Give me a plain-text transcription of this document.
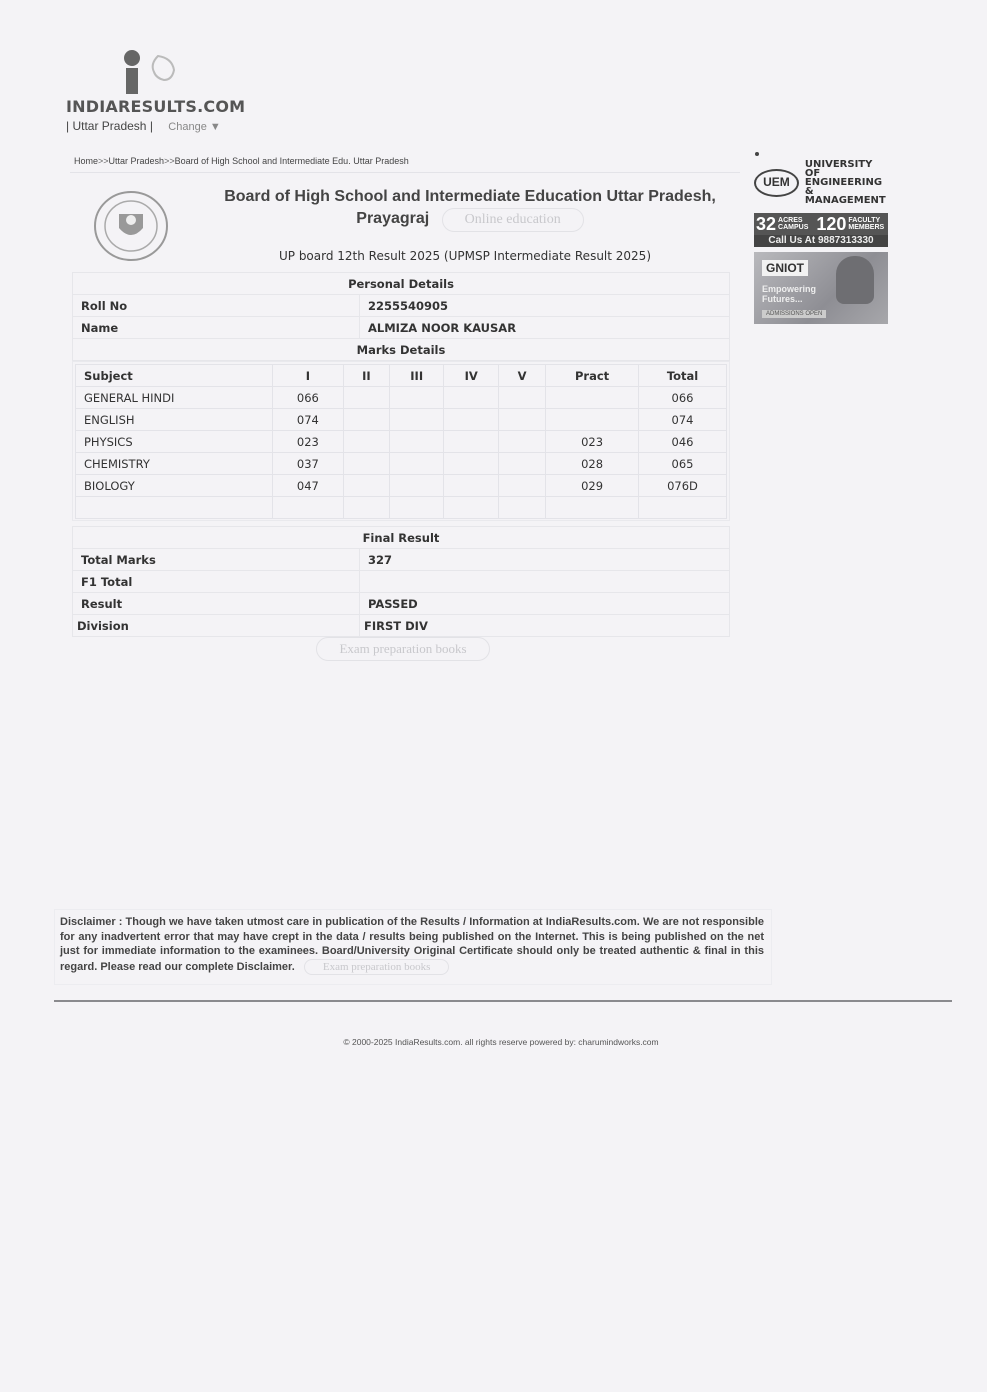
INDIARESULTS.COM
| Uttar Pradesh | Change ▼
Home>>Uttar Pradesh>>Board of High School and Intermediate Edu. Uttar Pradesh
Board of High School and Intermediate Education Uttar Pradesh,
Prayagraj	Online education
UP board 12th Result 2025 (UPMSP Intermediate Result 2025)
Personal Details	
Roll No	2255540905
Name	ALMIZA NOOR KAUSAR
Marks Details	
Subject	I	II	III	IV	V	Pract	Total
GENERAL HINDI	066						066
ENGLISH	074						074
PHYSICS	023					023	046
CHEMISTRY	037					028	065
BIOLOGY	047					029	076D

Final Result	
Total Marks	327
F1 Total	
Result	PASSED
Division	FIRST DIV
Exam preparation books
UEM
UNIVERSITY OF
ENGINEERING &
MANAGEMENT
32 ACRES
CAMPUS 120 FACULTY
MEMBERS
Call Us At 9887313330
GNIOT
Empowering
Futures...
ADMISSIONS OPEN
Disclaimer : Though we have taken utmost care in publication of the Results / Information at IndiaResults.com. We are not responsible for any inadvertent error that may have crept in the data / results being published on the Internet. This is being published on the net just for immediate information to the examinees. Board/University Original Certificate should only be treated authentic & final in this regard. Please read our complete Disclaimer.	Exam preparation books
© 2000-2025 IndiaResults.com. all rights reserve powered by: charumindworks.com
